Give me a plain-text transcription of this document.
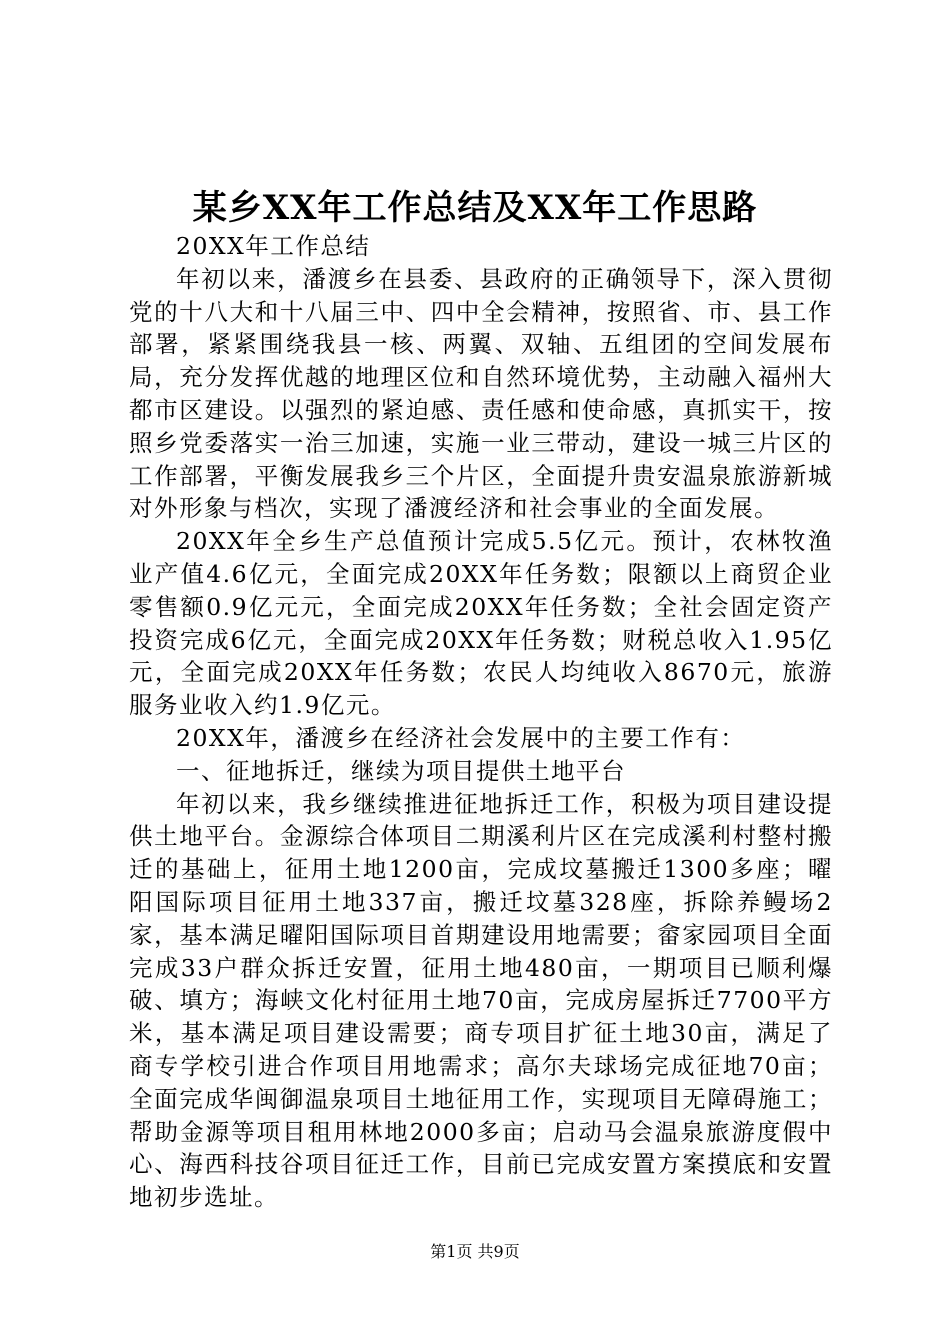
某乡XX年工作总结及XX年工作思路

20XX年工作总结

年初以来，潘渡乡在县委、县政府的正确领导下，深入贯彻党的十八大和十八届三中、四中全会精神，按照省、市、县工作部署，紧紧围绕我县一核、两翼、双轴、五组团的空间发展布局，充分发挥优越的地理区位和自然环境优势，主动融入福州大都市区建设。以强烈的紧迫感、责任感和使命感，真抓实干，按照乡党委落实一治三加速，实施一业三带动，建设一城三片区的工作部署，平衡发展我乡三个片区，全面提升贵安温泉旅游新城对外形象与档次，实现了潘渡经济和社会事业的全面发展。

20XX年全乡生产总值预计完成5.5亿元。预计，农林牧渔业产值4.6亿元，全面完成20XX年任务数；限额以上商贸企业零售额0.9亿元元，全面完成20XX年任务数；全社会固定资产投资完成6亿元，全面完成20XX年任务数；财税总收入1.95亿元，全面完成20XX年任务数；农民人均纯收入8670元，旅游服务业收入约1.9亿元。

20XX年，潘渡乡在经济社会发展中的主要工作有：

一、征地拆迁，继续为项目提供土地平台

年初以来，我乡继续推进征地拆迁工作，积极为项目建设提供土地平台。金源综合体项目二期溪利片区在完成溪利村整村搬迁的基础上，征用土地1200亩，完成坟墓搬迁1300多座；曜阳国际项目征用土地337亩，搬迁坟墓328座，拆除养鳗场2家，基本满足曜阳国际项目首期建设用地需要；畲家园项目全面完成33户群众拆迁安置，征用土地480亩，一期项目已顺利爆破、填方；海峡文化村征用土地70亩，完成房屋拆迁7700平方米，基本满足项目建设需要；商专项目扩征土地30亩，满足了商专学校引进合作项目用地需求；高尔夫球场完成征地70亩；全面完成华闽御温泉项目土地征用工作，实现项目无障碍施工；帮助金源等项目租用林地2000多亩；启动马会温泉旅游度假中心、海西科技谷项目征迁工作，目前已完成安置方案摸底和安置地初步选址。

第1页 共9页
